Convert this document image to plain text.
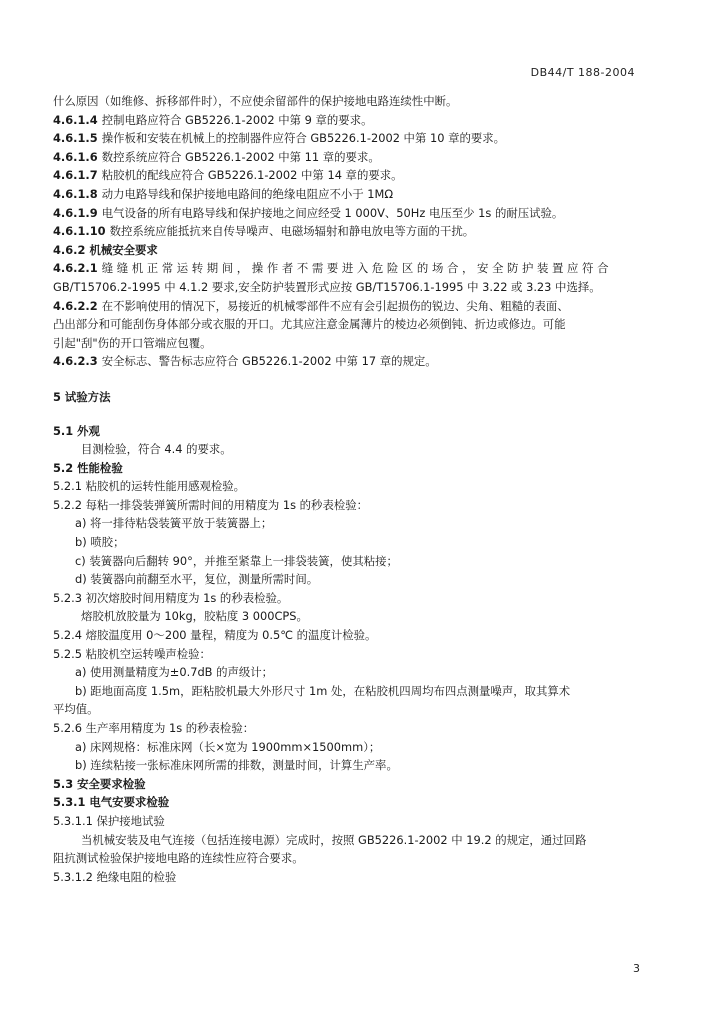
DB44/T 188-2004
什么原因（如维修、拆移部件时），不应使余留部件的保护接地电路连续性中断。
4.6.1.4 控制电路应符合 GB5226.1-2002 中第 9 章的要求。
4.6.1.5 操作板和安装在机械上的控制器件应符合 GB5226.1-2002 中第 10 章的要求。
4.6.1.6 数控系统应符合 GB5226.1-2002 中第 11 章的要求。
4.6.1.7 粘胶机的配线应符合 GB5226.1-2002 中第 14 章的要求。
4.6.1.8 动力电路导线和保护接地电路间的绝缘电阻应不小于 1MΩ
4.6.1.9 电气设备的所有电路导线和保护接地之间应经受 1 000V、50Hz 电压至少 1s 的耐压试验。
4.6.1.10 数控系统应能抵抗来自传导噪声、电磁场辐射和静电放电等方面的干扰。
4.6.2 机械安全要求
4.6.2.1 缝 缝 机 正 常 运 转 期 间 ， 操 作 者 不 需 要 进 入 危 险 区 的 场 合 ， 安 全 防 护 装 置 应 符 合
GB/T15706.2-1995 中 4.1.2 要求,安全防护装置形式应按 GB/T15706.1-1995 中 3.22 或 3.23 中选择。
4.6.2.2 在不影响使用的情况下，易接近的机械零部件不应有会引起损伤的锐边、尖角、粗糙的表面、
凸出部分和可能刮伤身体部分或衣服的开口。尤其应注意金属薄片的棱边必须倒钝、折边或修边。可能
引起"刮"伤的开口管端应包覆。
4.6.2.3 安全标志、警告标志应符合 GB5226.1-2002 中第 17 章的规定。
5 试验方法
5.1 外观
目测检验，符合 4.4 的要求。
5.2 性能检验
5.2.1 粘胶机的运转性能用感观检验。
5.2.2 每粘一排袋装弹簧所需时间的用精度为 1s 的秒表检验：
a) 将一排待粘袋装簧平放于装簧器上；
b) 喷胶；
c) 装簧器向后翻转 90°，并推至紧靠上一排袋装簧，使其粘接；
d) 装簧器向前翻至水平，复位，测量所需时间。
5.2.3 初次熔胶时间用精度为 1s 的秒表检验。
熔胶机放胶量为 10kg，胶粘度 3 000CPS。
5.2.4 熔胶温度用 0～200 量程，精度为 0.5℃ 的温度计检验。
5.2.5 粘胶机空运转噪声检验：
a) 使用测量精度为±0.7dB 的声级计；
b) 距地面高度 1.5m，距粘胶机最大外形尺寸 1m 处，在粘胶机四周均布四点测量噪声，取其算术
平均值。
5.2.6 生产率用精度为 1s 的秒表检验：
a) 床网规格：标准床网（长×宽为 1900mm×1500mm）；
b) 连续粘接一张标准床网所需的排数，测量时间，计算生产率。
5.3 安全要求检验
5.3.1 电气安要求检验
5.3.1.1 保护接地试验
当机械安装及电气连接（包括连接电源）完成时，按照 GB5226.1-2002 中 19.2 的规定，通过回路
阻抗测试检验保护接地电路的连续性应符合要求。
5.3.1.2 绝缘电阻的检验
3
